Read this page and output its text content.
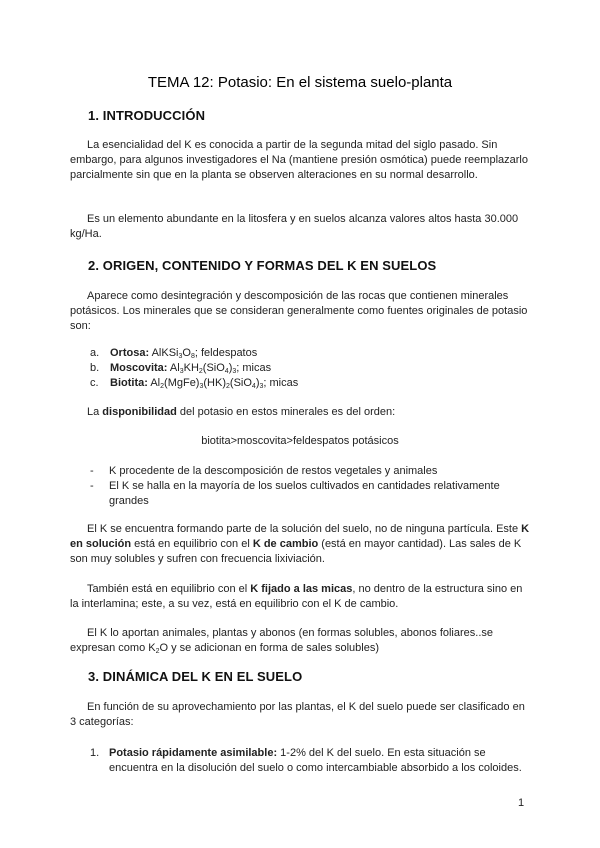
TEMA 12: Potasio: En el sistema suelo-planta
1. INTRODUCCIÓN
La esencialidad del K es conocida a partir de la segunda mitad del siglo pasado. Sin embargo, para algunos investigadores el Na (mantiene presión osmótica) puede reemplazarlo parcialmente sin que en la planta se observen alteraciones en su normal desarrollo.
Es un elemento abundante en la litosfera y en suelos alcanza valores altos hasta 30.000 kg/Ha.
2. ORIGEN, CONTENIDO Y FORMAS DEL K EN SUELOS
Aparece como desintegración y descomposición de las rocas que contienen minerales potásicos. Los minerales que se consideran generalmente como fuentes originales de potasio son:
a. Ortosa: $AlKSi_3O_8$; feldespatos
b. Moscovita: $Al_3KH_2(SiO_4)_3$; micas
c. Biotita: $Al_2(MgFe)_3(HK)_2(SiO_4)_3$; micas
La disponibilidad del potasio en estos minerales es del orden:
biotita>moscovita>feldespatos potásicos
- K procedente de la descomposición de restos vegetales y animales
- El K se halla en la mayoría de los suelos cultivados en cantidades relativamente grandes
El K se encuentra formando parte de la solución del suelo, no de ninguna partícula. Este K en solución está en equilibrio con el K de cambio (está en mayor cantidad). Las sales de K son muy solubles y sufren con frecuencia lixiviación.
También está en equilibrio con el K fijado a las micas, no dentro de la estructura sino en la interlamina; este, a su vez, está en equilibrio con el K de cambio.
El K lo aportan animales, plantas y abonos (en formas solubles, abonos foliares..se expresan como $K_2O$ y se adicionan en forma de sales solubles)
3. DINÁMICA DEL K EN EL SUELO
En función de su aprovechamiento por las plantas, el K del suelo puede ser clasificado en 3 categorías:
1. Potasio rápidamente asimilable: 1-2% del K del suelo. En esta situación se encuentra en la disolución del suelo o como intercambiable absorbido a los coloides.
1
